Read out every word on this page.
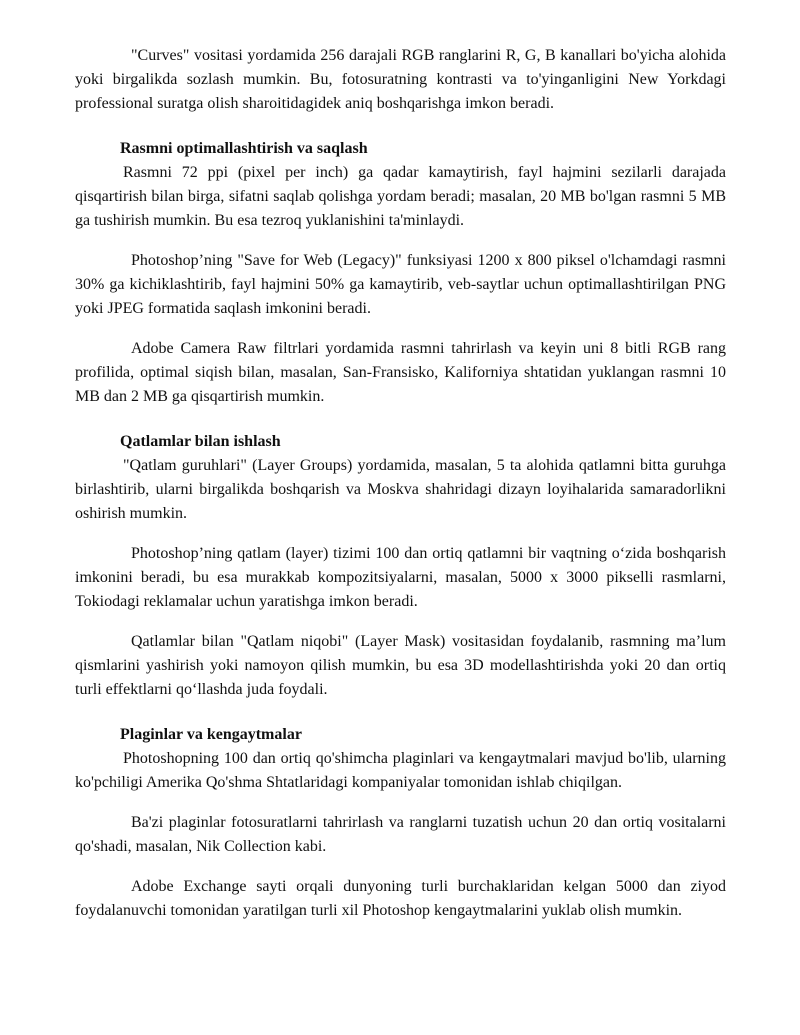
"Curves" vositasi yordamida 256 darajali RGB ranglarini R, G, B kanallari bo'yicha alohida yoki birgalikda sozlash mumkin. Bu, fotosuratning kontrasti va to'yinganligini New Yorkdagi professional suratga olish sharoitidagidek aniq boshqarishga imkon beradi.

Rasmni optimallashtirish va saqlash

Rasmni 72 ppi (pixel per inch) ga qadar kamaytirish, fayl hajmini sezilarli darajada qisqartirish bilan birga, sifatni saqlab qolishga yordam beradi; masalan, 20 MB bo'lgan rasmni 5 MB ga tushirish mumkin. Bu esa tezroq yuklanishini ta'minlaydi.

Photoshop’ning "Save for Web (Legacy)" funksiyasi 1200 x 800 piksel o'lchamdagi rasmni 30% ga kichiklashtirib, fayl hajmini 50% ga kamaytirib, veb-saytlar uchun optimallashtirilgan PNG yoki JPEG formatida saqlash imkonini beradi.

Adobe Camera Raw filtrlari yordamida rasmni tahrirlash va keyin uni 8 bitli RGB rang profilida, optimal siqish bilan, masalan, San-Fransisko, Kaliforniya shtatidan yuklangan rasmni 10 MB dan 2 MB ga qisqartirish mumkin.

Qatlamlar bilan ishlash

"Qatlam guruhlari" (Layer Groups) yordamida, masalan, 5 ta alohida qatlamni bitta guruhga birlashtirib, ularni birgalikda boshqarish va Moskva shahridagi dizayn loyihalarida samaradorlikni oshirish mumkin.

Photoshop’ning qatlam (layer) tizimi 100 dan ortiq qatlamni bir vaqtning o‘zida boshqarish imkonini beradi, bu esa murakkab kompozitsiyalarni, masalan, 5000 x 3000 pikselli rasmlarni, Tokiodagi reklamalar uchun yaratishga imkon beradi.

Qatlamlar bilan "Qatlam niqobi" (Layer Mask) vositasidan foydalanib, rasmning ma’lum qismlarini yashirish yoki namoyon qilish mumkin, bu esa 3D modellashtirishda yoki 20 dan ortiq turli effektlarni qo‘llashda juda foydali.

Plaginlar va kengaytmalar

Photoshopning 100 dan ortiq qo'shimcha plaginlari va kengaytmalari mavjud bo'lib, ularning ko'pchiligi Amerika Qo'shma Shtatlaridagi kompaniyalar tomonidan ishlab chiqilgan.

Ba'zi plaginlar fotosuratlarni tahrirlash va ranglarni tuzatish uchun 20 dan ortiq vositalarni qo'shadi, masalan, Nik Collection kabi.

Adobe Exchange sayti orqali dunyoning turli burchaklaridan kelgan 5000 dan ziyod foydalanuvchi tomonidan yaratilgan turli xil Photoshop kengaytmalarini yuklab olish mumkin.
